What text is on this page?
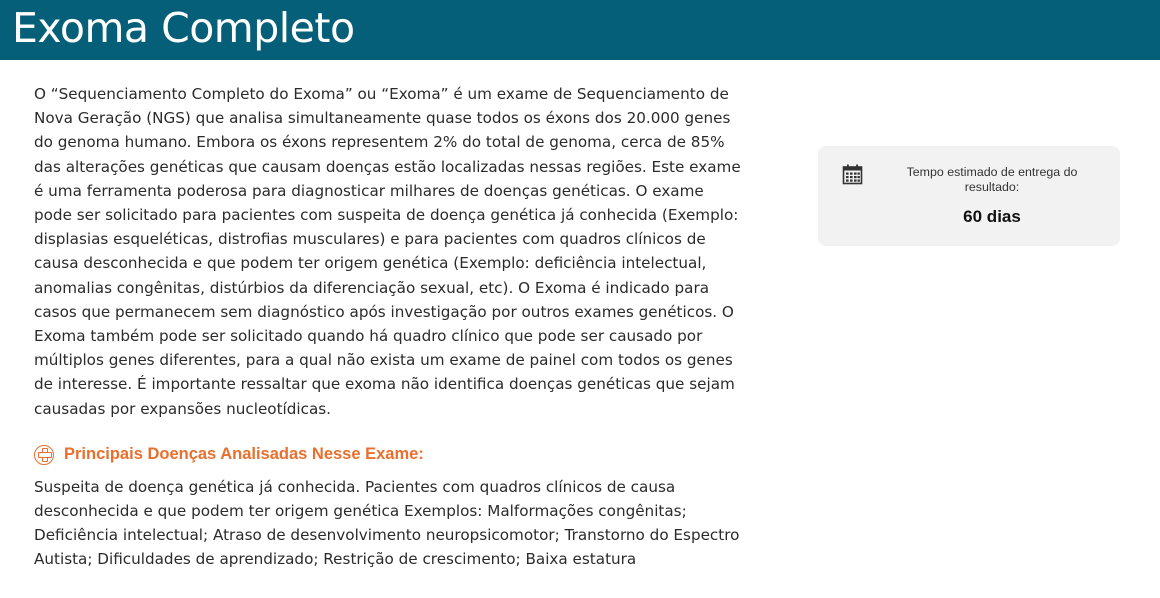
Exoma Completo

O “Sequenciamento Completo do Exoma” ou “Exoma” é um exame de Sequenciamento de Nova Geração (NGS) que analisa simultaneamente quase todos os éxons dos 20.000 genes do genoma humano. Embora os éxons representem 2% do total de genoma, cerca de 85% das alterações genéticas que causam doenças estão localizadas nessas regiões. Este exame é uma ferramenta poderosa para diagnosticar milhares de doenças genéticas. O exame pode ser solicitado para pacientes com suspeita de doença genética já conhecida (Exemplo: displasias esqueléticas, distrofias musculares) e para pacientes com quadros clínicos de causa desconhecida e que podem ter origem genética (Exemplo: deficiência intelectual, anomalias congênitas, distúrbios da diferenciação sexual, etc). O Exoma é indicado para casos que permanecem sem diagnóstico após investigação por outros exames genéticos. O Exoma também pode ser solicitado quando há quadro clínico que pode ser causado por múltiplos genes diferentes, para a qual não exista um exame de painel com todos os genes de interesse. É importante ressaltar que exoma não identifica doenças genéticas que sejam causadas por expansões nucleotídicas.

Principais Doenças Analisadas Nesse Exame:

Suspeita de doença genética já conhecida. Pacientes com quadros clínicos de causa desconhecida e que podem ter origem genética Exemplos: Malformações congênitas; Deficiência intelectual; Atraso de desenvolvimento neuropsicomotor; Transtorno do Espectro Autista; Dificuldades de aprendizado; Restrição de crescimento; Baixa estatura

Tempo estimado de entrega do resultado:
60 dias
